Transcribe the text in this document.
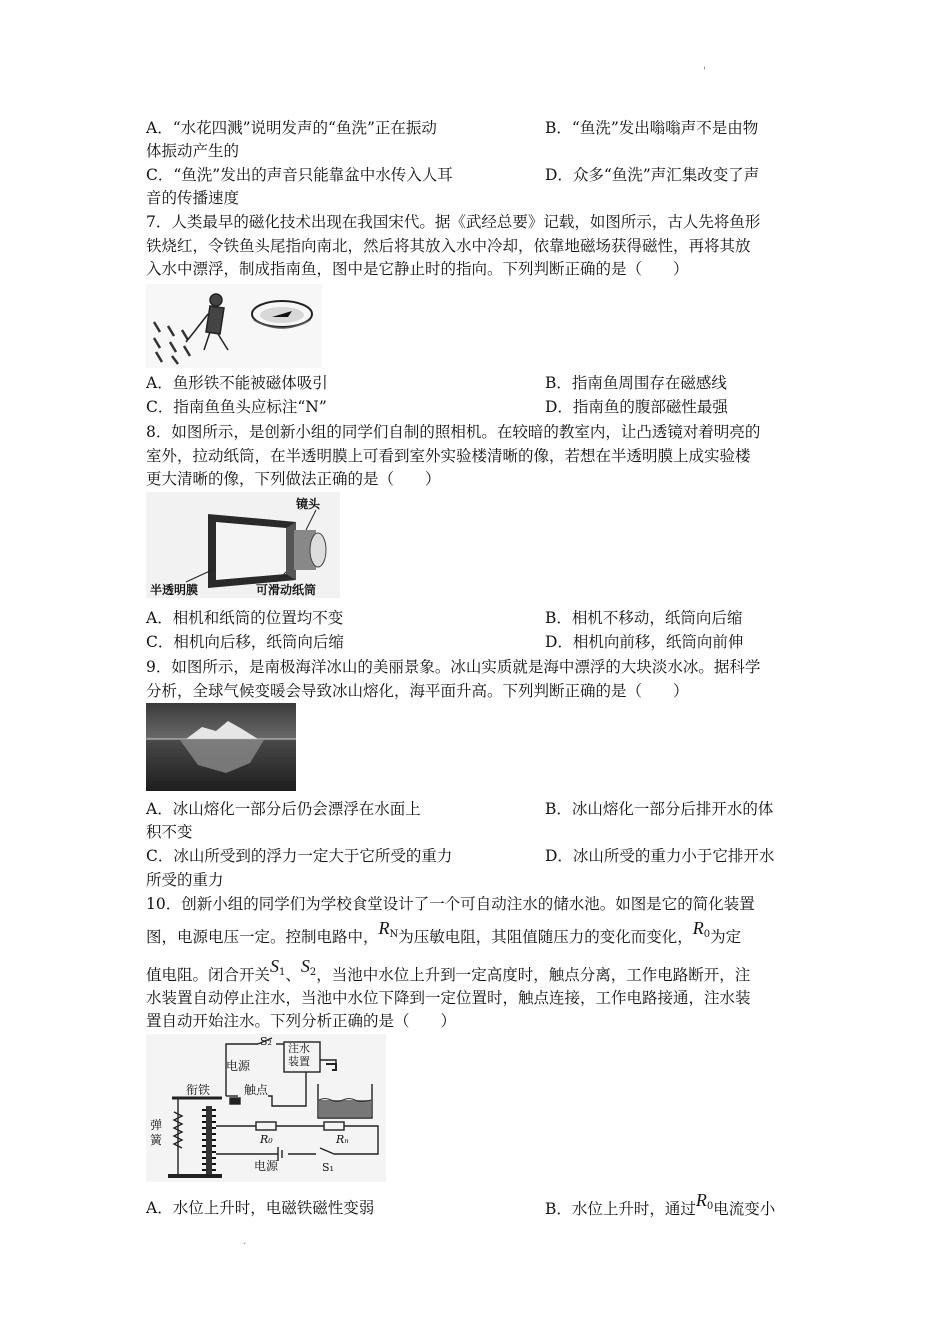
'
.
A．“水花四溅”说明发声的“鱼洗”正在振动	B．“鱼洗”发出嗡嗡声不是由物
体振动产生的
C．“鱼洗”发出的声音只能靠盆中水传入人耳	D．众多“鱼洗”声汇集改变了声
音的传播速度
7．人类最早的磁化技术出现在我国宋代。据《武经总要》记载，如图所示，古人先将鱼形
铁烧红，令铁鱼头尾指向南北，然后将其放入水中冷却，依靠地磁场获得磁性，再将其放
入水中漂浮，制成指南鱼，图中是它静止时的指向。下列判断正确的是（　　）
A．鱼形铁不能被磁体吸引	B．指南鱼周围存在磁感线
C．指南鱼鱼头应标注“N”	D．指南鱼的腹部磁性最强
8．如图所示，是创新小组的同学们自制的照相机。在较暗的教室内，让凸透镜对着明亮的
室外，拉动纸筒，在半透明膜上可看到室外实验楼清晰的像，若想在半透明膜上成实验楼
更大清晰的像，下列做法正确的是（　　）
镜头
半透明膜	可滑动纸筒
A．相机和纸筒的位置均不变	B．相机不移动，纸筒向后缩
C．相机向后移，纸筒向后缩	D．相机向前移，纸筒向前伸
9．如图所示，是南极海洋冰山的美丽景象。冰山实质就是海中漂浮的大块淡水冰。据科学
分析，全球气候变暖会导致冰山熔化，海平面升高。下列判断正确的是（　　）
A．冰山熔化一部分后仍会漂浮在水面上	B．冰山熔化一部分后排开水的体
积不变
C．冰山所受到的浮力一定大于它所受的重力	D．冰山所受的重力小于它排开水
所受的重力
10．创新小组的同学们为学校食堂设计了一个可自动注水的储水池。如图是它的简化装置
图，电源电压一定。控制电路中，$R_N$为压敏电阻，其阻值随压力的变化而变化，$R_0$为定
值电阻。闭合开关$S_1$、$S_2$，当池中水位上升到一定高度时，触点分离，工作电路断开，注
水装置自动停止注水，当池中水位下降到一定位置时，触点连接，工作电路接通，注水装
置自动开始注水。下列分析正确的是（　　）
S₂
电源
注水
装置
衔铁	触点
弹
簧	R₀	Rₙ
电源	S₁
A．水位上升时，电磁铁磁性变弱	B．水位上升时，通过$R_0$电流变小
